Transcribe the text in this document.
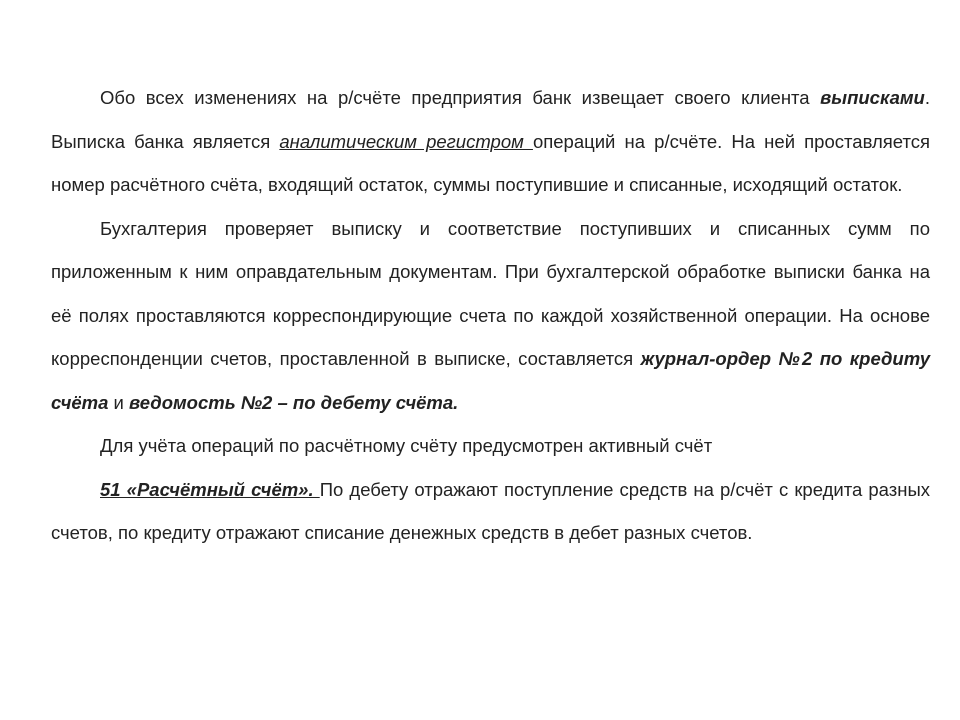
Обо всех изменениях на р/счёте предприятия банк извещает своего клиента выписками. Выписка банка является аналитическим регистром операций на р/счёте. На ней проставляется номер расчётного счёта, входящий остаток, суммы поступившие и списанные, исходящий остаток.

Бухгалтерия проверяет выписку и соответствие поступивших и списанных сумм по приложенным к ним оправдательным документам. При бухгалтерской обработке выписки банка на её полях проставляются корреспондирующие счета по каждой хозяйственной операции. На основе корреспонденции счетов, проставленной в выписке, составляется журнал-ордер №2 по кредиту счёта и ведомость №2 – по дебету счёта.

Для учёта операций по расчётному счёту предусмотрен активный счёт

51 «Расчётный счёт». По дебету отражают поступление средств на р/счёт с кредита разных счетов, по кредиту отражают списание денежных средств в дебет разных счетов.
